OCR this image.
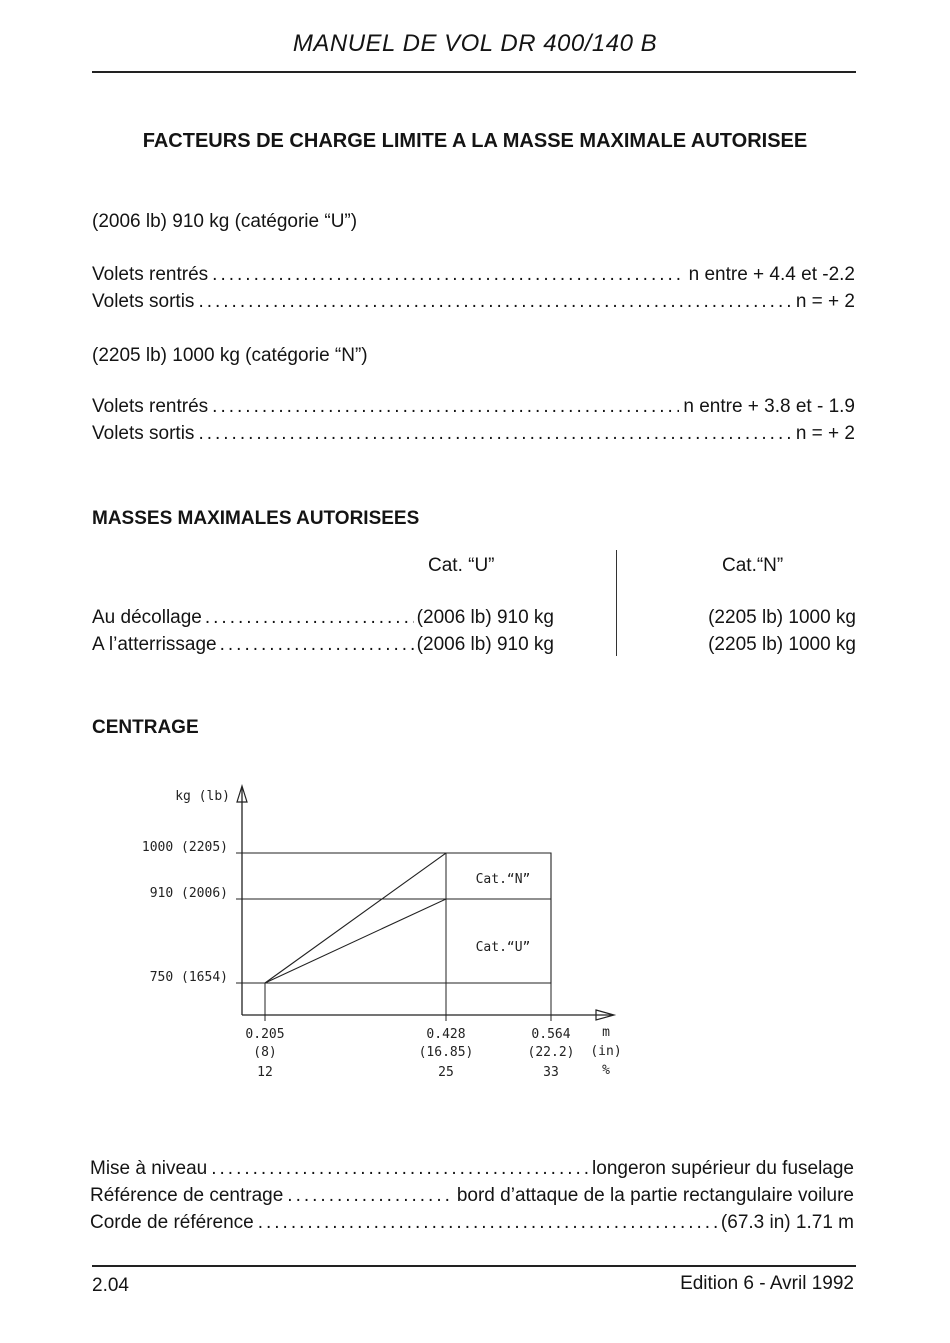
MANUEL DE VOL DR 400/140 B
FACTEURS DE CHARGE LIMITE A LA MASSE MAXIMALE AUTORISEE
(2006 lb) 910 kg (catégorie “U”)
Volets rentrés .....	n entre + 4.4 et -2.2
Volets sortis .....	n = + 2
(2205 lb) 1000 kg (catégorie “N”)
Volets rentrés .....	n entre + 3.8 et - 1.9
Volets sortis .....	n = + 2
MASSES MAXIMALES AUTORISEES
Cat. “U”	Cat.“N”
Au décollage .....	(2006 lb) 910 kg	(2205 lb) 1000 kg
A l’atterrissage .....	(2006 lb) 910 kg	(2205 lb) 1000 kg
CENTRAGE
750 (1654)
910 (2006)
1000 (2205)
0.205
(8)
12
0.428
(16.85)
25
0.564
(22.2)
33
m
(in)
%
kg (lb)
Cat.“N”
Cat.“U”
Mise à niveau .....	longeron supérieur du fuselage
Référence de centrage .....	bord d’attaque de la partie rectangulaire voilure
Corde de référence .....	(67.3 in) 1.71 m
2.04	Edition 6 - Avril 1992
